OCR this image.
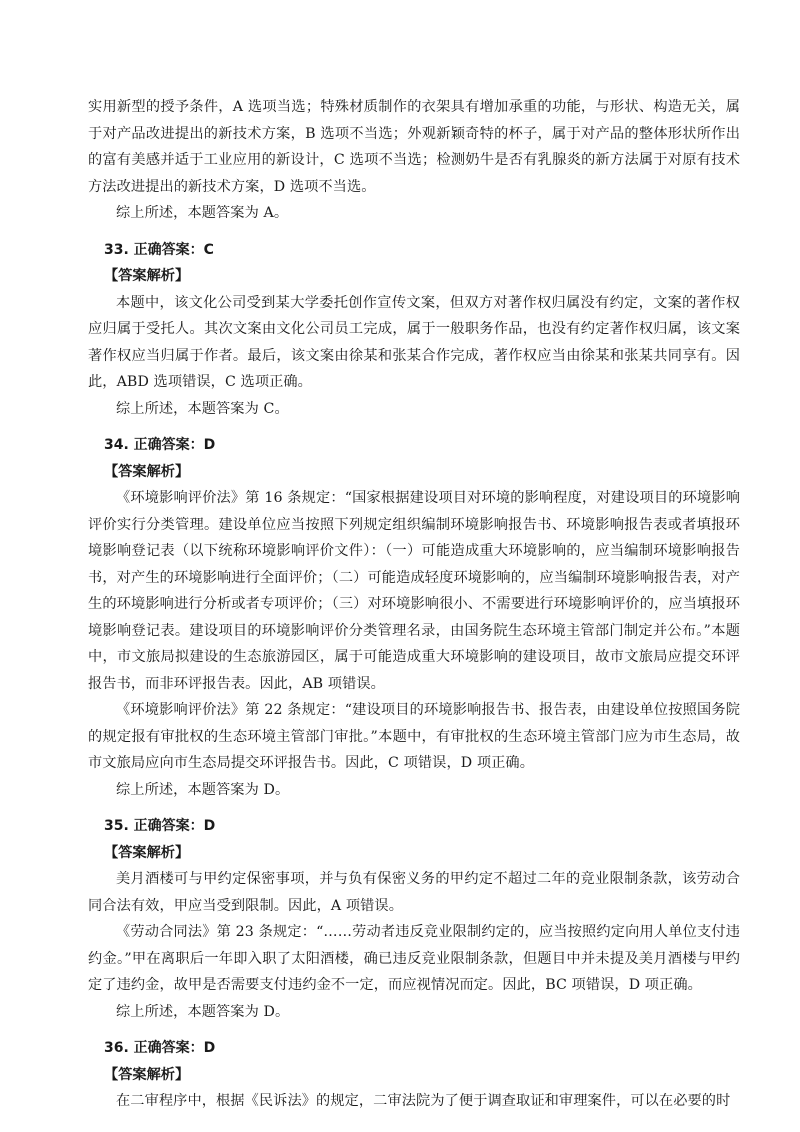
实用新型的授予条件，A 选项当选；特殊材质制作的衣架具有增加承重的功能，与形状、构造无关，属于对产品改进提出的新技术方案，B 选项不当选；外观新颖奇特的杯子，属于对产品的整体形状所作出的富有美感并适于工业应用的新设计，C 选项不当选；检测奶牛是否有乳腺炎的新方法属于对原有技术方法改进提出的新技术方案，D 选项不当选。

综上所述，本题答案为 A。

33. 正确答案：C

【答案解析】

本题中，该文化公司受到某大学委托创作宣传文案，但双方对著作权归属没有约定，文案的著作权应归属于受托人。其次文案由文化公司员工完成，属于一般职务作品，也没有约定著作权归属，该文案著作权应当归属于作者。最后，该文案由徐某和张某合作完成，著作权应当由徐某和张某共同享有。因此，ABD 选项错误，C 选项正确。

综上所述，本题答案为 C。

34. 正确答案：D

【答案解析】

《环境影响评价法》第 16 条规定：“国家根据建设项目对环境的影响程度，对建设项目的环境影响评价实行分类管理。建设单位应当按照下列规定组织编制环境影响报告书、环境影响报告表或者填报环境影响登记表（以下统称环境影响评价文件）：（一）可能造成重大环境影响的，应当编制环境影响报告书，对产生的环境影响进行全面评价；（二）可能造成轻度环境影响的，应当编制环境影响报告表，对产生的环境影响进行分析或者专项评价；（三）对环境影响很小、不需要进行环境影响评价的，应当填报环境影响登记表。建设项目的环境影响评价分类管理名录，由国务院生态环境主管部门制定并公布。”本题中，市文旅局拟建设的生态旅游园区，属于可能造成重大环境影响的建设项目，故市文旅局应提交环评报告书，而非环评报告表。因此，AB 项错误。

《环境影响评价法》第 22 条规定：“建设项目的环境影响报告书、报告表，由建设单位按照国务院的规定报有审批权的生态环境主管部门审批。”本题中，有审批权的生态环境主管部门应为市生态局，故市文旅局应向市生态局提交环评报告书。因此，C 项错误，D 项正确。

综上所述，本题答案为 D。

35. 正确答案：D

【答案解析】

美月酒楼可与甲约定保密事项，并与负有保密义务的甲约定不超过二年的竞业限制条款，该劳动合同合法有效，甲应当受到限制。因此，A 项错误。

《劳动合同法》第 23 条规定：“……劳动者违反竞业限制约定的，应当按照约定向用人单位支付违约金。”甲在离职后一年即入职了太阳酒楼，确已违反竞业限制条款，但题目中并未提及美月酒楼与甲约定了违约金，故甲是否需要支付违约金不一定，而应视情况而定。因此，BC 项错误，D 项正确。

综上所述，本题答案为 D。

36. 正确答案：D

【答案解析】

在二审程序中，根据《民诉法》的规定，二审法院为了便于调查取证和审理案件，可以在必要的时
